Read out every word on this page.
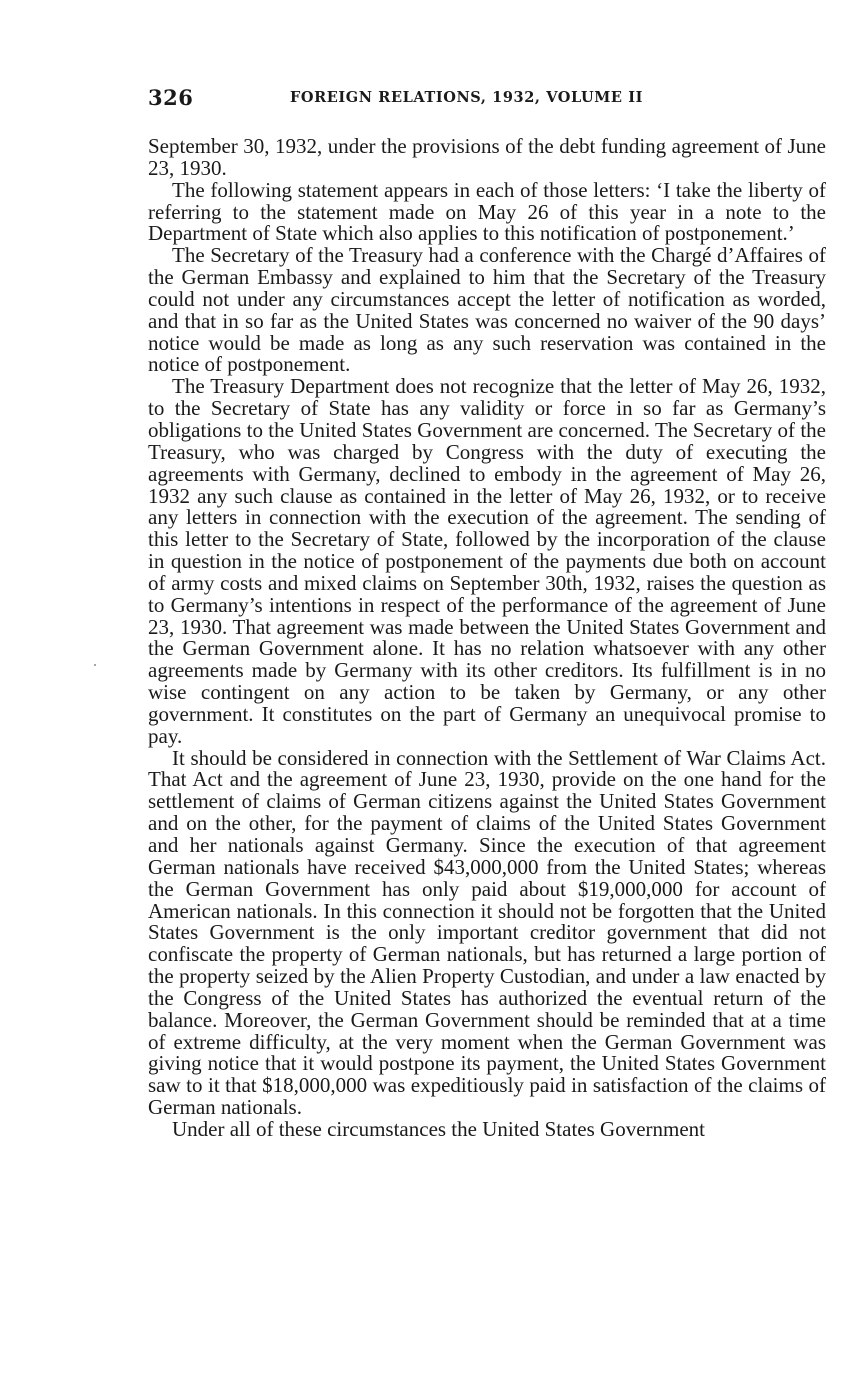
326	FOREIGN RELATIONS, 1932, VOLUME II

September 30, 1932, under the provisions of the debt funding agreement of June 23, 1930.

The following statement appears in each of those letters: ‘I take the liberty of referring to the statement made on May 26 of this year in a note to the Department of State which also applies to this notification of postponement.’

The Secretary of the Treasury had a conference with the Chargé d’Affaires of the German Embassy and explained to him that the Secretary of the Treasury could not under any circumstances accept the letter of notification as worded, and that in so far as the United States was concerned no waiver of the 90 days’ notice would be made as long as any such reservation was contained in the notice of postponement.

The Treasury Department does not recognize that the letter of May 26, 1932, to the Secretary of State has any validity or force in so far as Germany’s obligations to the United States Government are concerned. The Secretary of the Treasury, who was charged by Congress with the duty of executing the agreements with Germany, declined to embody in the agreement of May 26, 1932 any such clause as contained in the letter of May 26, 1932, or to receive any letters in connection with the execution of the agreement. The sending of this letter to the Secretary of State, followed by the incorporation of the clause in question in the notice of postponement of the payments due both on account of army costs and mixed claims on September 30th, 1932, raises the question as to Germany’s intentions in respect of the performance of the agreement of June 23, 1930. That agreement was made between the United States Government and the German Government alone. It has no relation whatsoever with any other agreements made by Germany with its other creditors. Its fulfillment is in no wise contingent on any action to be taken by Germany, or any other government. It constitutes on the part of Germany an unequivocal promise to pay.

It should be considered in connection with the Settlement of War Claims Act. That Act and the agreement of June 23, 1930, provide on the one hand for the settlement of claims of German citizens against the United States Government and on the other, for the payment of claims of the United States Government and her nationals against Germany. Since the execution of that agreement German nationals have received $43,000,000 from the United States; whereas the German Government has only paid about $19,000,000 for account of American nationals. In this connection it should not be forgotten that the United States Government is the only important creditor government that did not confiscate the property of German nationals, but has returned a large portion of the property seized by the Alien Property Custodian, and under a law enacted by the Congress of the United States has authorized the eventual return of the balance. Moreover, the German Government should be reminded that at a time of extreme difficulty, at the very moment when the German Government was giving notice that it would postpone its payment, the United States Government saw to it that $18,000,000 was expeditiously paid in satisfaction of the claims of German nationals.

Under all of these circumstances the United States Government
